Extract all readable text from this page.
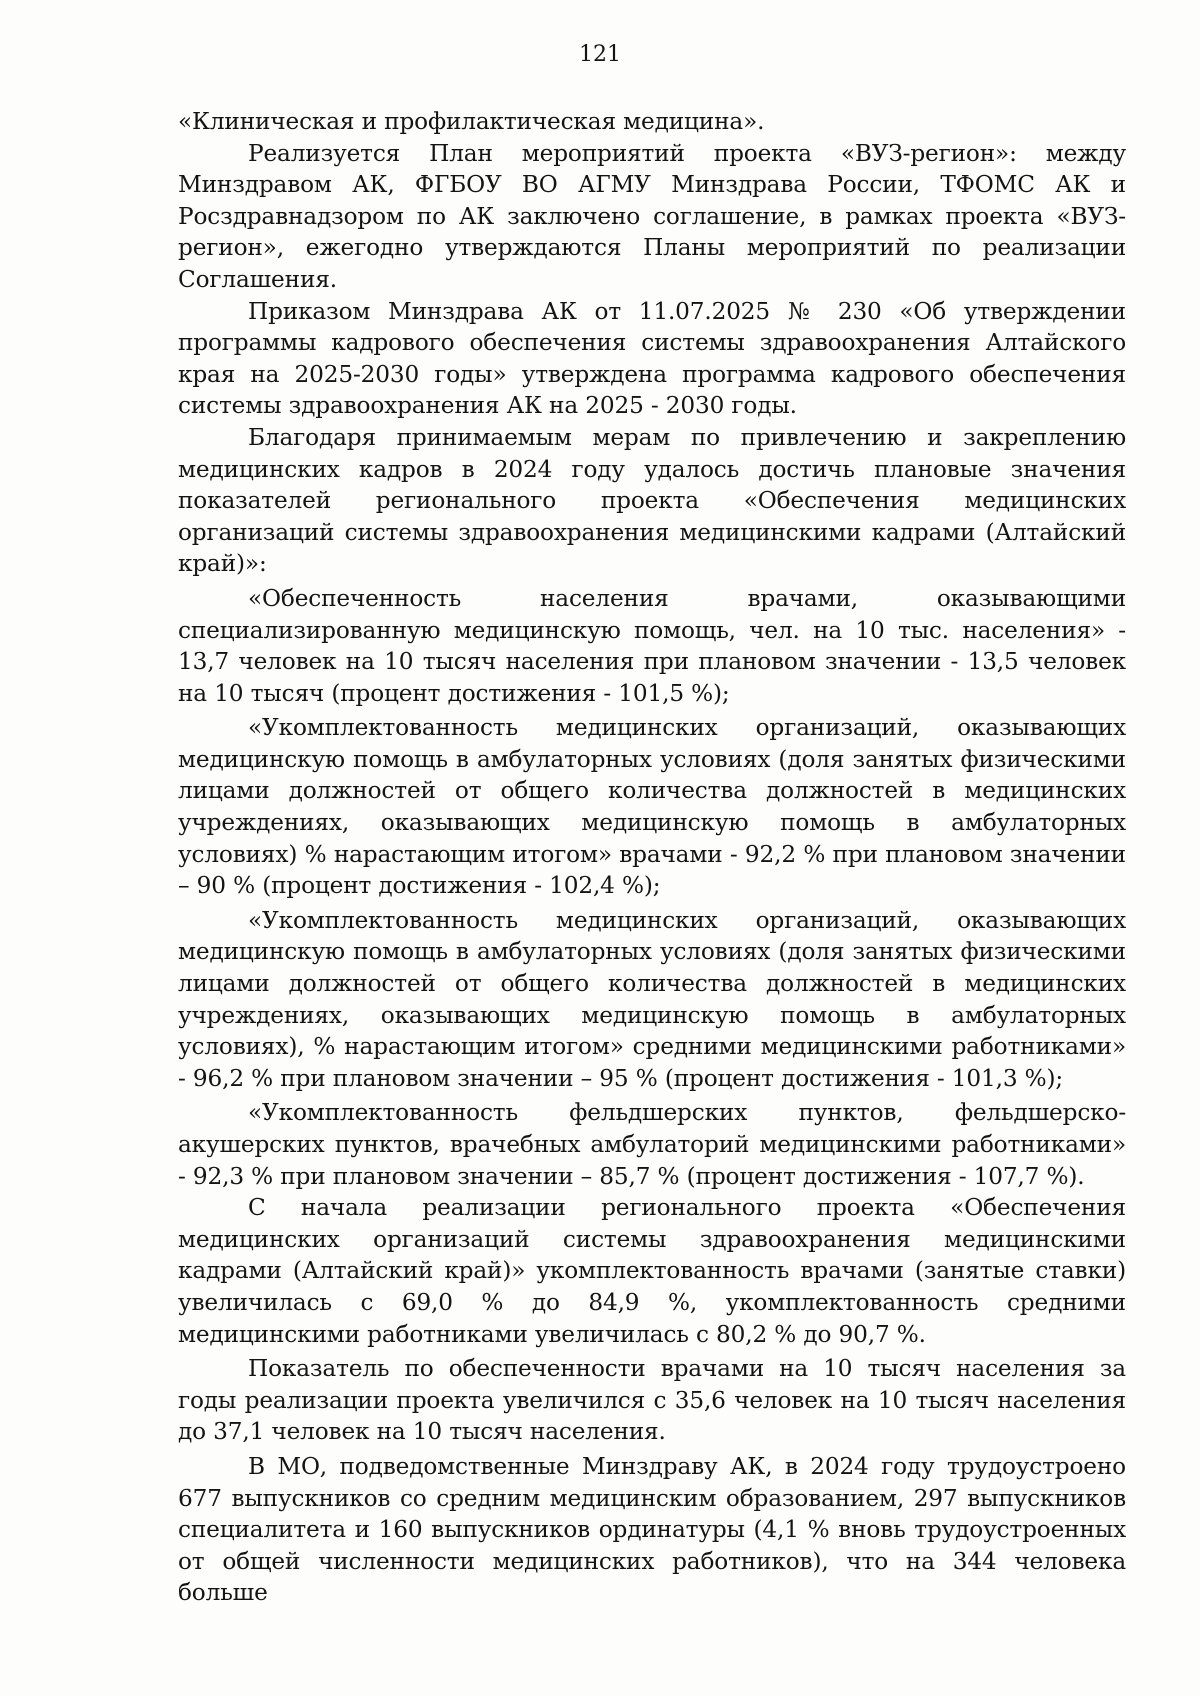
121

«Клиническая и профилактическая медицина».

Реализуется План мероприятий проекта «ВУЗ-регион»: между Минздравом АК, ФГБОУ ВО АГМУ Минздрава России, ТФОМС АК и Росздравнадзором по АК заключено соглашение, в рамках проекта «ВУЗ-регион», ежегодно утверждаются Планы мероприятий по реализации Соглашения.

Приказом Минздрава АК от 11.07.2025 № 230 «Об утверждении программы кадрового обеспечения системы здравоохранения Алтайского края на 2025-2030 годы» утверждена программа кадрового обеспечения системы здравоохранения АК на 2025 - 2030 годы.

Благодаря принимаемым мерам по привлечению и закреплению медицинских кадров в 2024 году удалось достичь плановые значения показателей регионального проекта «Обеспечения медицинских организаций системы здравоохранения медицинскими кадрами (Алтайский край)»:

«Обеспеченность населения врачами, оказывающими специализированную медицинскую помощь, чел. на 10 тыс. населения» - 13,7 человек на 10 тысяч населения при плановом значении - 13,5 человек на 10 тысяч (процент достижения - 101,5 %);

«Укомплектованность медицинских организаций, оказывающих медицинскую помощь в амбулаторных условиях (доля занятых физическими лицами должностей от общего количества должностей в медицинских учреждениях, оказывающих медицинскую помощь в амбулаторных условиях) % нарастающим итогом» врачами - 92,2 % при плановом значении – 90 % (процент достижения - 102,4 %);

«Укомплектованность медицинских организаций, оказывающих медицинскую помощь в амбулаторных условиях (доля занятых физическими лицами должностей от общего количества должностей в медицинских учреждениях, оказывающих медицинскую помощь в амбулаторных условиях), % нарастающим итогом» средними медицинскими работниками» - 96,2 % при плановом значении – 95 % (процент достижения - 101,3 %);

«Укомплектованность фельдшерских пунктов, фельдшерско-акушерских пунктов, врачебных амбулаторий медицинскими работниками» - 92,3 % при плановом значении – 85,7 % (процент достижения - 107,7 %).

С начала реализации регионального проекта «Обеспечения медицинских организаций системы здравоохранения медицинскими кадрами (Алтайский край)» укомплектованность врачами (занятые ставки) увеличилась с 69,0 % до 84,9 %, укомплектованность средними медицинскими работниками увеличилась с 80,2 % до 90,7 %.

Показатель по обеспеченности врачами на 10 тысяч населения за годы реализации проекта увеличился с 35,6 человек на 10 тысяч населения до 37,1 человек на 10 тысяч населения.

В МО, подведомственные Минздраву АК, в 2024 году трудоустроено 677 выпускников со средним медицинским образованием, 297 выпускников специалитета и 160 выпускников ординатуры (4,1 % вновь трудоустроенных от общей численности медицинских работников), что на 344 человека больше
